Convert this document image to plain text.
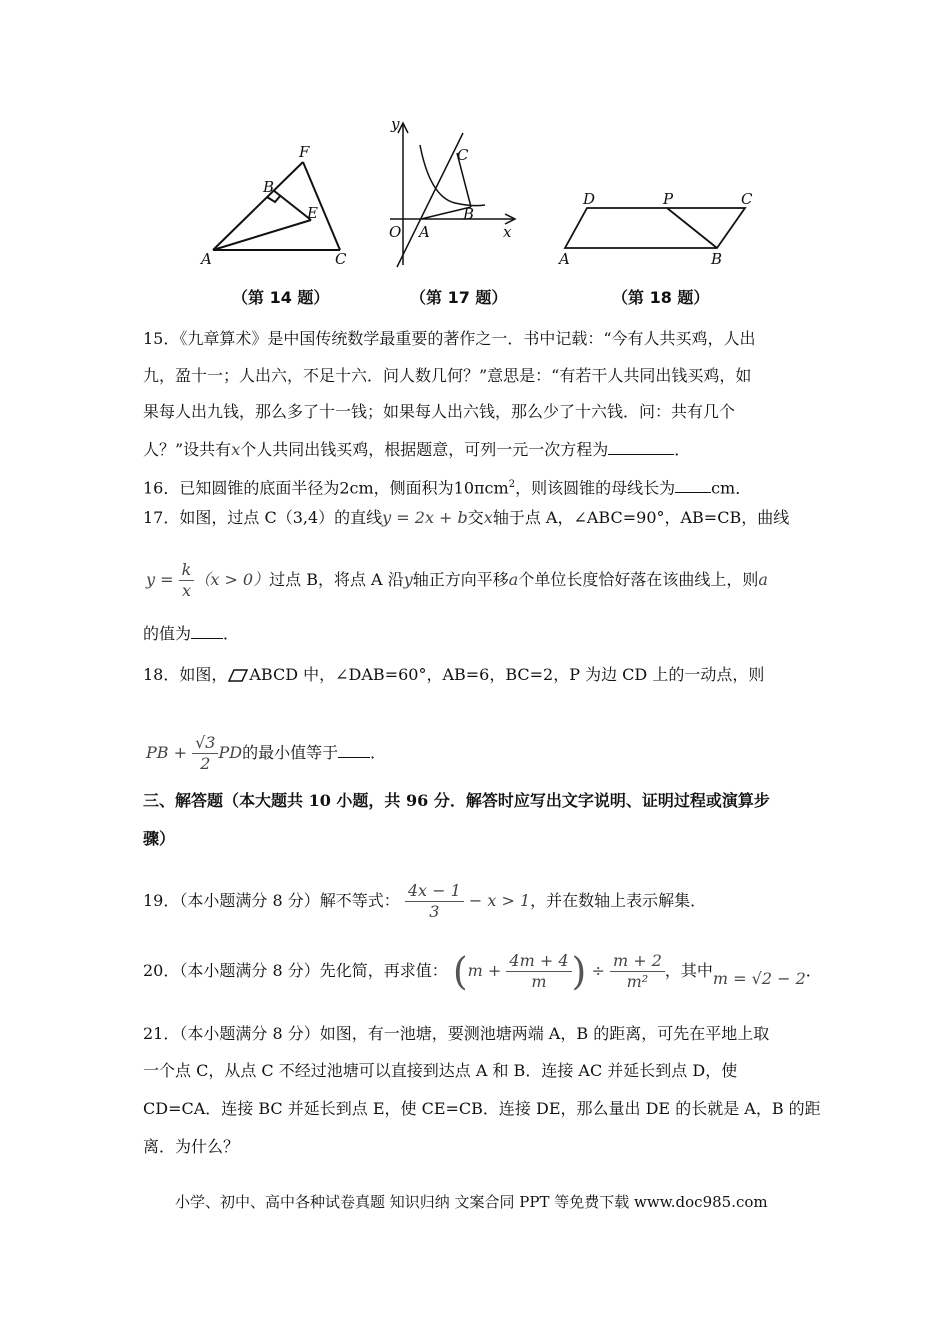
A
B
C
E
F
（第 14 题）
y
x
O A
B
C
（第 17 题）
A	B
C
D	P
（第 18 题）
15．《九章算术》是中国传统数学最重要的著作之一．书中记载：“今有人共买鸡，人出
九，盈十一；人出六，不足十六．问人数几何？”意思是：“有若干人共同出钱买鸡，如
果每人出九钱，那么多了十一钱；如果每人出六钱，那么少了十六钱．问：共有几个
人？”设共有x个人共同出钱买鸡，根据题意，可列一元一次方程为	．
16．已知圆锥的底面半径为2cm，侧面积为10πcm$^2$，则该圆锥的母线长为 cm．
17．如图，过点 C（3,4）的直线y = 2x + b交x轴于点 A，∠ABC=90°，AB=CB，曲线
$y = \frac{k}{x} (x > 0)$过点 B，将点 A 沿y轴正方向平移a个单位长度恰好落在该曲线上，则a
的值为 ．
18．如图， ABCD 中，∠DAB=60°，AB=6，BC=2，P 为边 CD 上的一动点，则
PB + $\frac{√3}{2}$ PD的最小值等于 ．
三、解答题（本大题共 10 小题，共 96 分．解答时应写出文字说明、证明过程或演算步
骤）
19．（本小题满分 8 分）解不等式： $\frac{4x - 1}{3} - x > 1$，并在数轴上表示解集．
20．（本小题满分 8 分）先化简，再求值： ($m + \frac{4m + 4}{m}$ ) ÷ $\frac{m + 2}{\text{m²}}$ ，其中m = √2 − 2．
21．（本小题满分 8 分）如图，有一池塘，要测池塘两端 A，B 的距离，可先在平地上取
一个点 C，从点 C 不经过池塘可以直接到达点 A 和 B．连接 AC 并延长到点 D，使
CD=CA．连接 BC 并延长到点 E，使 CE=CB．连接 DE，那么量出 DE 的长就是 A，B 的距
离．为什么？
小学、初中、高中各种试卷真题 知识归纳 文案合同 PPT 等免费下载 www.doc985.com
